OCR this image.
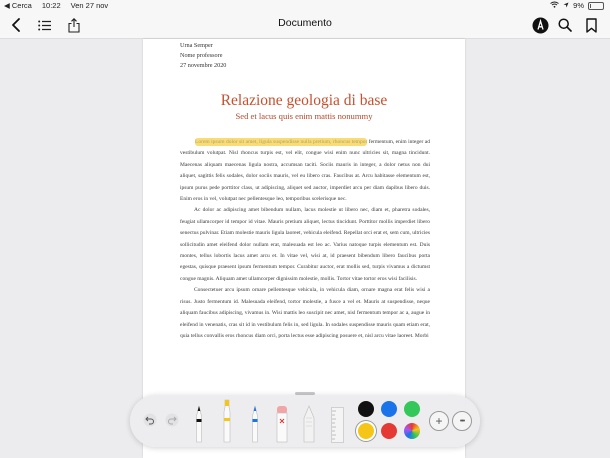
◀ Cerca 10:22 Ven 27 nov	9%
Documento
Urna Semper
Nome professore
27 novembre 2020
Relazione geologia di base
Sed et lacus quis enim mattis nonummy

Lorem ipsum dolor sit amet, ligula suspendisse nulla pretium, rhoncus tempor fermentum, enim integer ad vestibulum volutpat. Nisl rhoncus turpis est, vel elit, congue wisi enim nunc ultricies sit, magna tincidunt. Maecenas aliquam maecenas ligula nostra, accumsan taciti. Sociis mauris in integer, a dolor netus non dui aliquet, sagittis felis sodales, dolor sociis mauris, vel eu libero cras. Faucibus at. Arcu habitasse elementum est, ipsum purus pede porttitor class, ut adipiscing, aliquet sed auctor, imperdiet arcu per diam dapibus libero duis. Enim eros in vel, volutpat nec pellentesque leo, temporibus scelerisque nec.

Ac dolor ac adipiscing amet bibendum nullam, lacus molestie ut libero nec, diam et, pharetra sodales, feugiat ullamcorper id tempor id vitae. Mauris pretium aliquet, lectus tincidunt. Porttitor mollis imperdiet libero senectus pulvinar. Etiam molestie mauris ligula laoreet, vehicula eleifend. Repellat orci erat et, sem cum, ultricies sollicitudin amet eleifend dolor nullam erat, malesuada est leo ac. Varius natoque turpis elementum est. Duis montes, tellus lobortis lacus amet arcu et. In vitae vel, wisi at, id praesent bibendum libero faucibus porta egestas, quisque praesent ipsum fermentum tempor. Curabitur auctor, erat mollis sed, turpis vivamus a dictumst congue magnis. Aliquam amet ullamcorper dignissim molestie, mollis. Tortor vitae tortor eros wisi facilisis.

Consectetuer arcu ipsum ornare pellentesque vehicula, in vehicula diam, ornare magna erat felis wisi a risus. Justo fermentum id. Malesuada eleifend, tortor molestie, a fusce a vel et. Mauris at suspendisse, neque aliquam faucibus adipiscing, vivamus in. Wisi mattis leo suscipit nec amet, nisl fermentum tempor ac a, augue in eleifend in venenatis, cras sit id in vestibulum felis in, sed ligula. In sodales suspendisse mauris quam etiam erat, quia tellus convallis eros rhoncus diam orci, porta lectus esse adipiscing posuere et, nisl arcu vitae laoreet. Morbi

+	•••
